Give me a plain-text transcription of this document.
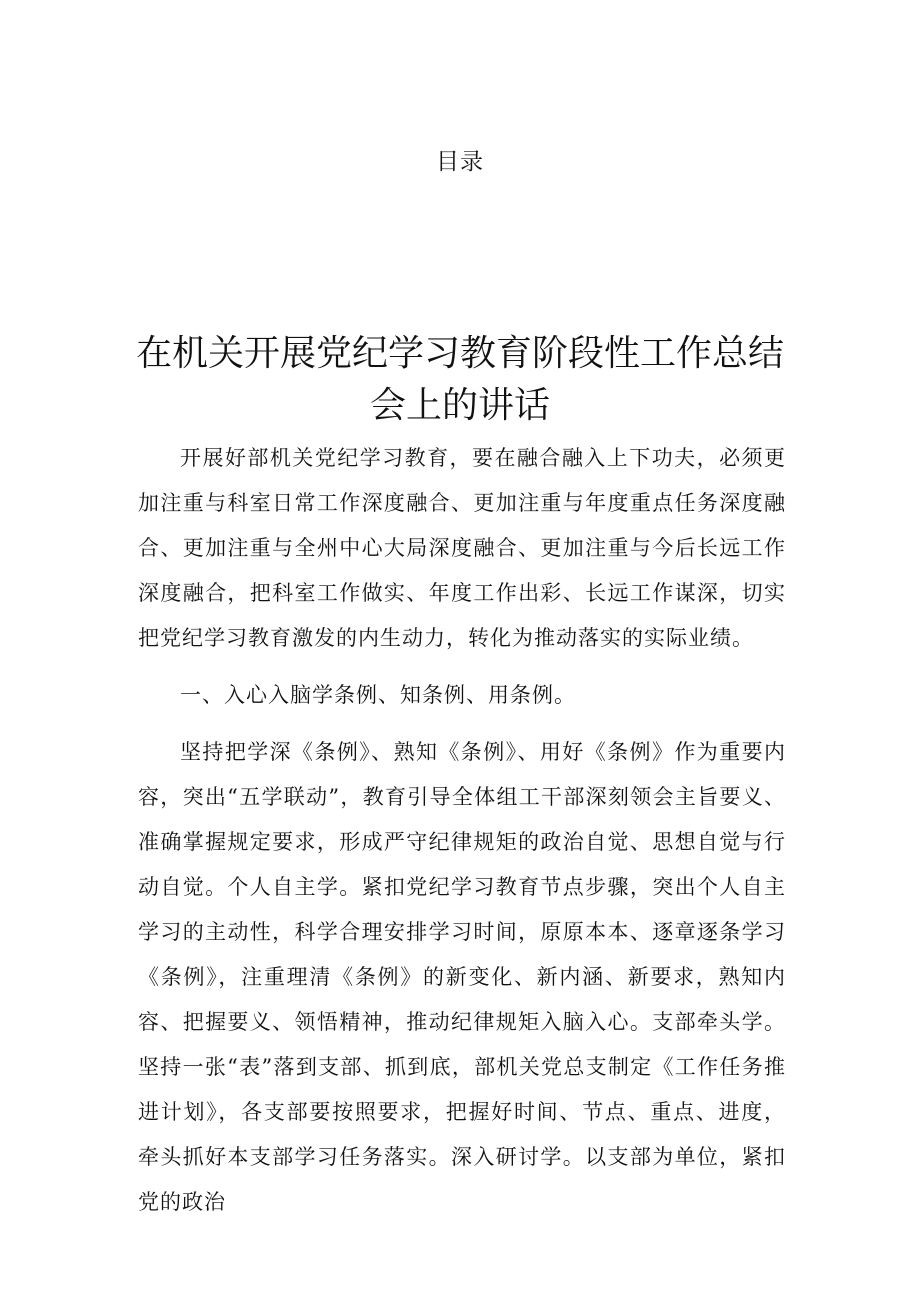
目录
在机关开展党纪学习教育阶段性工作总结
会上的讲话

开展好部机关党纪学习教育，要在融合融入上下功夫，必须更加注重与科室日常工作深度融合、更加注重与年度重点任务深度融合、更加注重与全州中心大局深度融合、更加注重与今后长远工作深度融合，把科室工作做实、年度工作出彩、长远工作谋深，切实把党纪学习教育激发的内生动力，转化为推动落实的实际业绩。

一、入心入脑学条例、知条例、用条例。

坚持把学深《条例》、熟知《条例》、用好《条例》作为重要内容，突出“五学联动”，教育引导全体组工干部深刻领会主旨要义、准确掌握规定要求，形成严守纪律规矩的政治自觉、思想自觉与行动自觉。个人自主学。紧扣党纪学习教育节点步骤，突出个人自主学习的主动性，科学合理安排学习时间，原原本本、逐章逐条学习《条例》，注重理清《条例》的新变化、新内涵、新要求，熟知内容、把握要义、领悟精神，推动纪律规矩入脑入心。支部牵头学。坚持一张“表”落到支部、抓到底，部机关党总支制定《工作任务推进计划》，各支部要按照要求，把握好时间、节点、重点、进度，牵头抓好本支部学习任务落实。深入研讨学。以支部为单位，紧扣党的政治
